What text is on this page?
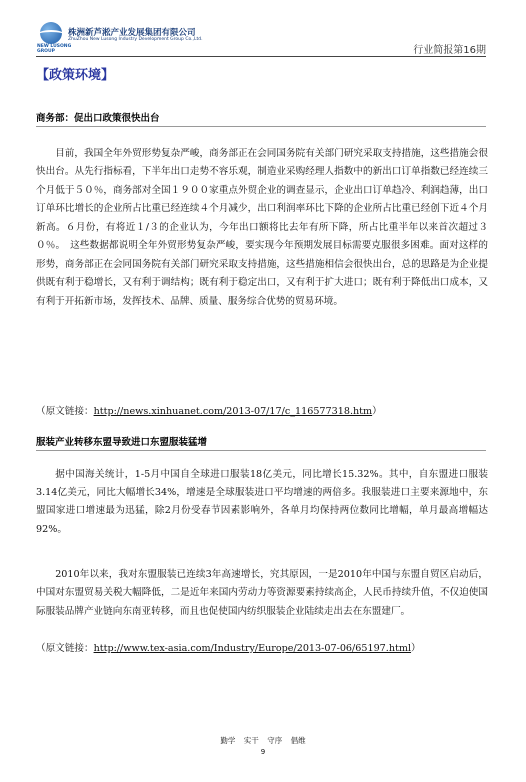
NEW LUSONG GROUP
株洲新芦淞产业发展集团有限公司
ZhuZhou New Lusong Industry Development Group Co.,Ltd.
行业简报第16期
【政策环境】
商务部：促出口政策很快出台
目前，我国全年外贸形势复杂严峻，商务部正在会同国务院有关部门研究采取支持措施，这些措施会很快出台。从先行指标看，下半年出口走势不容乐观，制造业采购经理人指数中的新出口订单指数已经连续三个月低于５０％，商务部对全国１９００家重点外贸企业的调查显示，企业出口订单趋冷、利润趋薄，出口订单环比增长的企业所占比重已经连续４个月减少，出口利润率环比下降的企业所占比重已经创下近４个月新高。６月份，有将近１/３的企业认为，今年出口额将比去年有所下降，所占比重半年以来首次超过３０％。　这些数据都说明全年外贸形势复杂严峻，要实现今年预期发展目标需要克服很多困难。面对这样的形势，商务部正在会同国务院有关部门研究采取支持措施，这些措施相信会很快出台，总的思路是为企业提供既有利于稳增长，又有利于调结构；既有利于稳定出口，又有利于扩大进口；既有利于降低出口成本，又有利于开拓新市场，发挥技术、品牌、质量、服务综合优势的贸易环境。
（原文链接：http://news.xinhuanet.com/2013-07/17/c_116577318.htm）
服装产业转移东盟导致进口东盟服装猛增
据中国海关统计，1-5月中国自全球进口服装18亿美元，同比增长15.32%。其中，自东盟进口服装3.14亿美元，同比大幅增长34%，增速是全球服装进口平均增速的两倍多。我服装进口主要来源地中，东盟国家进口增速最为迅猛，除2月份受春节因素影响外，各单月均保持两位数同比增幅，单月最高增幅达92%。
2010年以来，我对东盟服装已连续3年高速增长，究其原因，一是2010年中国与东盟自贸区启动后，中国对东盟贸易关税大幅降低，二是近年来国内劳动力等资源要素持续高企，人民币持续升值，不仅迫使国际服装品牌产业链向东南亚转移，而且也促使国内纺织服装企业陆续走出去在东盟建厂。
（原文链接：http://www.tex-asia.com/Industry/Europe/2013-07-06/65197.html）
勤学 实干 守序 倡维
9
